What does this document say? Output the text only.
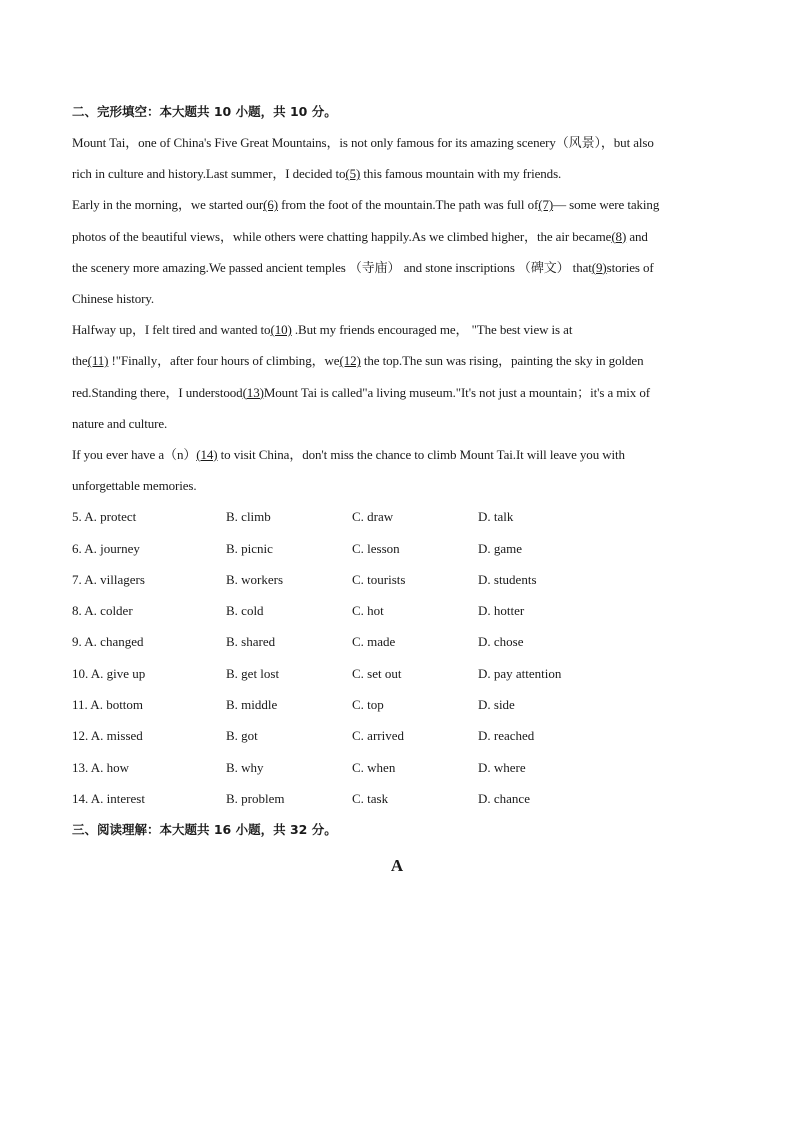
二、完形填空：本大题共 10 小题，共 10 分。
Mount Tai，one of China's Five Great Mountains，is not only famous for its amazing scenery（风景），but also
rich in culture and history.Last summer，I decided to(5) this famous mountain with my friends.
Early in the morning，we started our(6) from the foot of the mountain.The path was full of(7)— some were taking
photos of the beautiful views，while others were chatting happily.As we climbed higher，the air became(8) and
the scenery more amazing.We passed ancient temples （寺庙） and stone inscriptions （碑文） that(9)stories of
Chinese history.
Halfway up，I felt tired and wanted to(10) .But my friends encouraged me， "The best view is at
the(11) !"Finally，after four hours of climbing，we(12) the top.The sun was rising，painting the sky in golden
red.Standing there，I understood(13)Mount Tai is called"a living museum."It's not just a mountain；it's a mix of
nature and culture.
If you ever have a（n）(14) to visit China，don't miss the chance to climb Mount Tai.It will leave you with
unforgettable memories.
5. A. protect	B. climb	C. draw	D. talk
6. A. journey	B. picnic	C. lesson	D. game
7. A. villagers	B. workers	C. tourists	D. students
8. A. colder	B. cold	C. hot	D. hotter
9. A. changed	B. shared	C. made	D. chose
10. A. give up	B. get lost	C. set out	D. pay attention
11. A. bottom	B. middle	C. top	D. side
12. A. missed	B. got	C. arrived	D. reached
13. A. how	B. why	C. when	D. where
14. A. interest	B. problem	C. task	D. chance
三、阅读理解：本大题共 16 小题，共 32 分。
A
